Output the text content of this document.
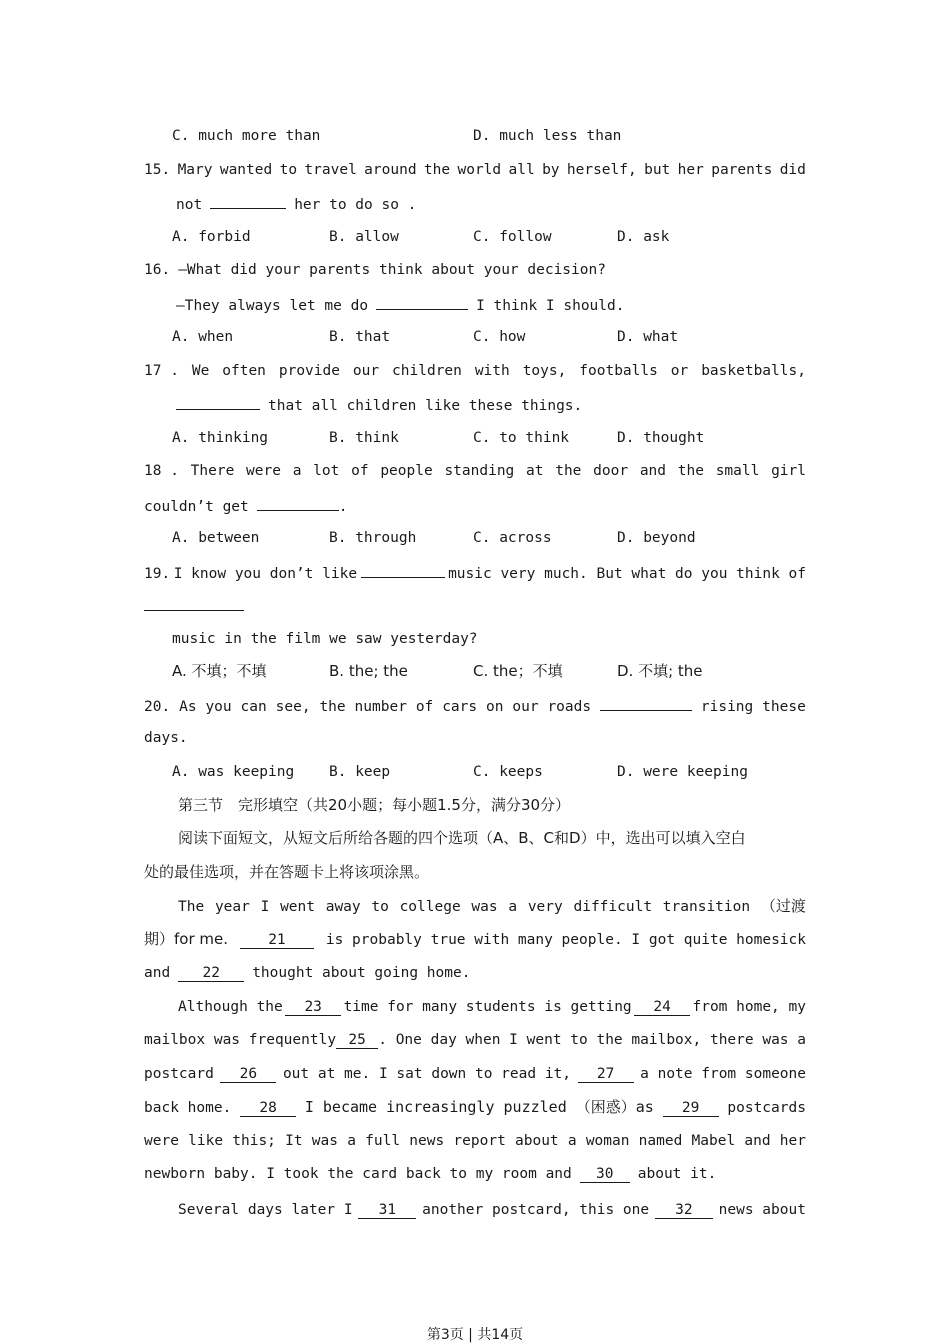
C. much more than	D. much less than
15. Mary wanted to travel around the world all by herself, but her parents did
not	her to do so .
A. forbid	B. allow	C. follow	D. ask
16. —What did your parents think about your decision?
—They always let me do	I think I should.
A. when	B. that	C. how	D. what
17 . We often provide our children with toys, footballs or basketballs,
that all children like these things.
A. thinking	B. think	C. to think	D. thought
18 . There were a lot of people standing at the door and the small girl
couldn’t get	.
A. between	B. through	C. across	D. beyond
19. I know you don’t like	music very much. But what do you think of
music in the film we saw yesterday?
A. 不填；不填	B. the; the	C. the；不填	D. 不填; the
20. As you can see, the number of cars on our roads	rising these
days.
A. was keeping B. keep	C. keeps	D. were keeping
第三节　完形填空（共20小题；每小题1.5分，满分30分）
阅读下面短文，从短文后所给各题的四个选项（A、B、C和D）中，选出可以填入空白
处的最佳选项，并在答题卡上将该项涂黑。
The year I went away to college was a very difficult transition （过渡
期）for me.	21	is probably true with many people. I got quite homesick
and	22	thought about going home.
Although the	23	time for many students is getting	24	from home, my
mailbox was frequently 25 . One day when I went to the mailbox, there was a
postcard	26	out at me. I sat down to read it,	27	a note from someone
back home.	28	I became increasingly puzzled （困惑）as	29	postcards
were like this; It was a full news report about a woman named Mabel and her
newborn baby. I took the card back to my room and	30	about it.
Several days later I	31	another postcard, this one	32	news about
第3页 | 共14页
